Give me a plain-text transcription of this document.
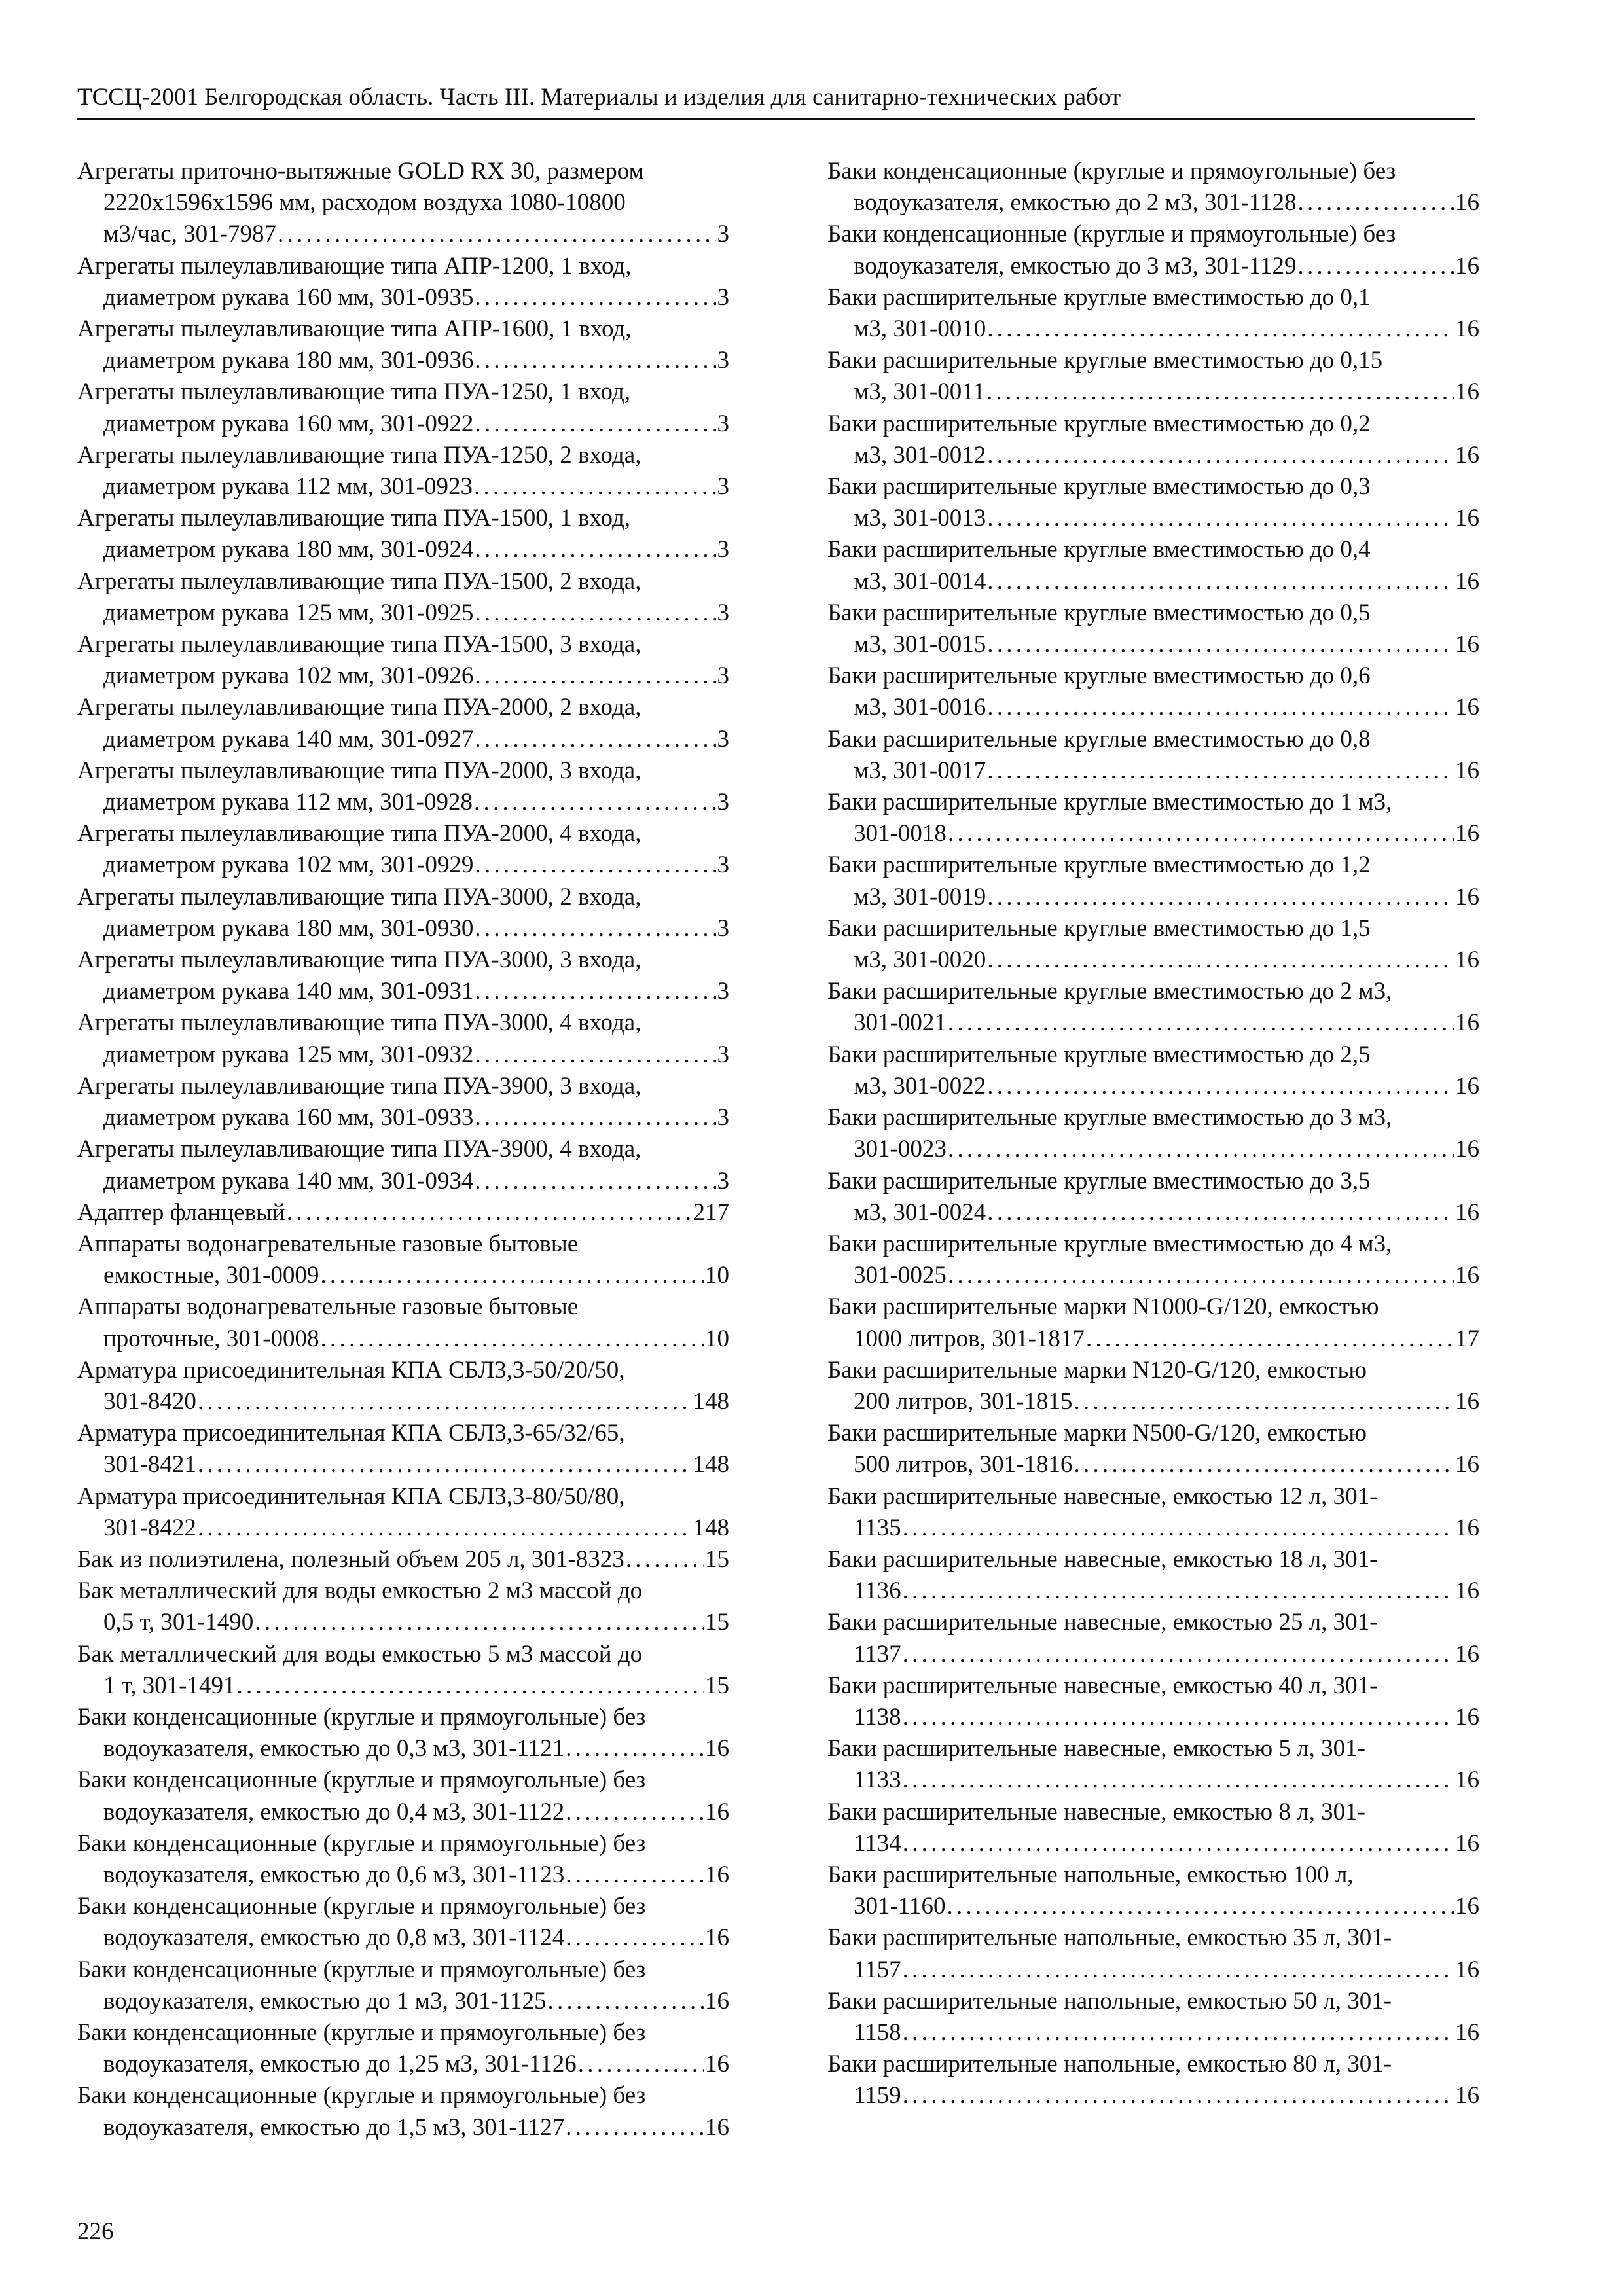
ТССЦ-2001 Белгородская область. Часть III. Материалы и изделия для санитарно-технических работ
Агрегаты приточно-вытяжные GOLD RX 30, размером
2220x1596x1596 мм, расходом воздуха 1080-10800
м3/час, 301-7987 . . .	3
Агрегаты пылеулавливающие типа АПР-1200, 1 вход,
диаметром рукава 160 мм, 301-0935 . . .	3
Агрегаты пылеулавливающие типа АПР-1600, 1 вход,
диаметром рукава 180 мм, 301-0936 . . .	3
Агрегаты пылеулавливающие типа ПУА-1250, 1 вход,
диаметром рукава 160 мм, 301-0922 . . .	3
Агрегаты пылеулавливающие типа ПУА-1250, 2 входа,
диаметром рукава 112 мм, 301-0923 . . .	3
Агрегаты пылеулавливающие типа ПУА-1500, 1 вход,
диаметром рукава 180 мм, 301-0924 . . .	3
Агрегаты пылеулавливающие типа ПУА-1500, 2 входа,
диаметром рукава 125 мм, 301-0925 . . .	3
Агрегаты пылеулавливающие типа ПУА-1500, 3 входа,
диаметром рукава 102 мм, 301-0926 . . .	3
Агрегаты пылеулавливающие типа ПУА-2000, 2 входа,
диаметром рукава 140 мм, 301-0927 . . .	3
Агрегаты пылеулавливающие типа ПУА-2000, 3 входа,
диаметром рукава 112 мм, 301-0928 . . .	3
Агрегаты пылеулавливающие типа ПУА-2000, 4 входа,
диаметром рукава 102 мм, 301-0929 . . .	3
Агрегаты пылеулавливающие типа ПУА-3000, 2 входа,
диаметром рукава 180 мм, 301-0930 . . .	3
Агрегаты пылеулавливающие типа ПУА-3000, 3 входа,
диаметром рукава 140 мм, 301-0931 . . .	3
Агрегаты пылеулавливающие типа ПУА-3000, 4 входа,
диаметром рукава 125 мм, 301-0932 . . .	3
Агрегаты пылеулавливающие типа ПУА-3900, 3 входа,
диаметром рукава 160 мм, 301-0933 . . .	3
Агрегаты пылеулавливающие типа ПУА-3900, 4 входа,
диаметром рукава 140 мм, 301-0934 . . .	3
Адаптер фланцевый . . .	217
Аппараты водонагревательные газовые бытовые
емкостные, 301-0009 . . .	10
Аппараты водонагревательные газовые бытовые
проточные, 301-0008 . . .	10
Арматура присоединительная КПА СБЛ3,3-50/20/50,
301-8420 . . .	148
Арматура присоединительная КПА СБЛ3,3-65/32/65,
301-8421 . . .	148
Арматура присоединительная КПА СБЛ3,3-80/50/80,
301-8422 . . .	148
Бак из полиэтилена, полезный объем 205 л, 301-8323 . . .	15
Бак металлический для воды емкостью 2 м3 массой до
0,5 т, 301-1490 . . .	15
Бак металлический для воды емкостью 5 м3 массой до
1 т, 301-1491 . . .	15
Баки конденсационные (круглые и прямоугольные) без
водоуказателя, емкостью до 0,3 м3, 301-1121 . . .	16
Баки конденсационные (круглые и прямоугольные) без
водоуказателя, емкостью до 0,4 м3, 301-1122 . . .	16
Баки конденсационные (круглые и прямоугольные) без
водоуказателя, емкостью до 0,6 м3, 301-1123 . . .	16
Баки конденсационные (круглые и прямоугольные) без
водоуказателя, емкостью до 0,8 м3, 301-1124 . . .	16
Баки конденсационные (круглые и прямоугольные) без
водоуказателя, емкостью до 1 м3, 301-1125 . . .	16
Баки конденсационные (круглые и прямоугольные) без
водоуказателя, емкостью до 1,25 м3, 301-1126 . . .	16
Баки конденсационные (круглые и прямоугольные) без
водоуказателя, емкостью до 1,5 м3, 301-1127 . . .	16
Баки конденсационные (круглые и прямоугольные) без
водоуказателя, емкостью до 2 м3, 301-1128 . . .	16
Баки конденсационные (круглые и прямоугольные) без
водоуказателя, емкостью до 3 м3, 301-1129 . . .	16
Баки расширительные круглые вместимостью до 0,1
м3, 301-0010 . . .	16
Баки расширительные круглые вместимостью до 0,15
м3, 301-0011 . . .	16
Баки расширительные круглые вместимостью до 0,2
м3, 301-0012 . . .	16
Баки расширительные круглые вместимостью до 0,3
м3, 301-0013 . . .	16
Баки расширительные круглые вместимостью до 0,4
м3, 301-0014 . . .	16
Баки расширительные круглые вместимостью до 0,5
м3, 301-0015 . . .	16
Баки расширительные круглые вместимостью до 0,6
м3, 301-0016 . . .	16
Баки расширительные круглые вместимостью до 0,8
м3, 301-0017 . . .	16
Баки расширительные круглые вместимостью до 1 м3,
301-0018 . . .	16
Баки расширительные круглые вместимостью до 1,2
м3, 301-0019 . . .	16
Баки расширительные круглые вместимостью до 1,5
м3, 301-0020 . . .	16
Баки расширительные круглые вместимостью до 2 м3,
301-0021 . . .	16
Баки расширительные круглые вместимостью до 2,5
м3, 301-0022 . . .	16
Баки расширительные круглые вместимостью до 3 м3,
301-0023 . . .	16
Баки расширительные круглые вместимостью до 3,5
м3, 301-0024 . . .	16
Баки расширительные круглые вместимостью до 4 м3,
301-0025 . . .	16
Баки расширительные марки N1000-G/120, емкостью
1000 литров, 301-1817 . . .	17
Баки расширительные марки N120-G/120, емкостью
200 литров, 301-1815 . . .	16
Баки расширительные марки N500-G/120, емкостью
500 литров, 301-1816 . . .	16
Баки расширительные навесные, емкостью 12 л, 301-
1135 . . .	16
Баки расширительные навесные, емкостью 18 л, 301-
1136 . . .	16
Баки расширительные навесные, емкостью 25 л, 301-
1137 . . .	16
Баки расширительные навесные, емкостью 40 л, 301-
1138 . . .	16
Баки расширительные навесные, емкостью 5 л, 301-
1133 . . .	16
Баки расширительные навесные, емкостью 8 л, 301-
1134 . . .	16
Баки расширительные напольные, емкостью 100 л,
301-1160 . . .	16
Баки расширительные напольные, емкостью 35 л, 301-
1157 . . .	16
Баки расширительные напольные, емкостью 50 л, 301-
1158 . . .	16
Баки расширительные напольные, емкостью 80 л, 301-
1159 . . .	16
226
